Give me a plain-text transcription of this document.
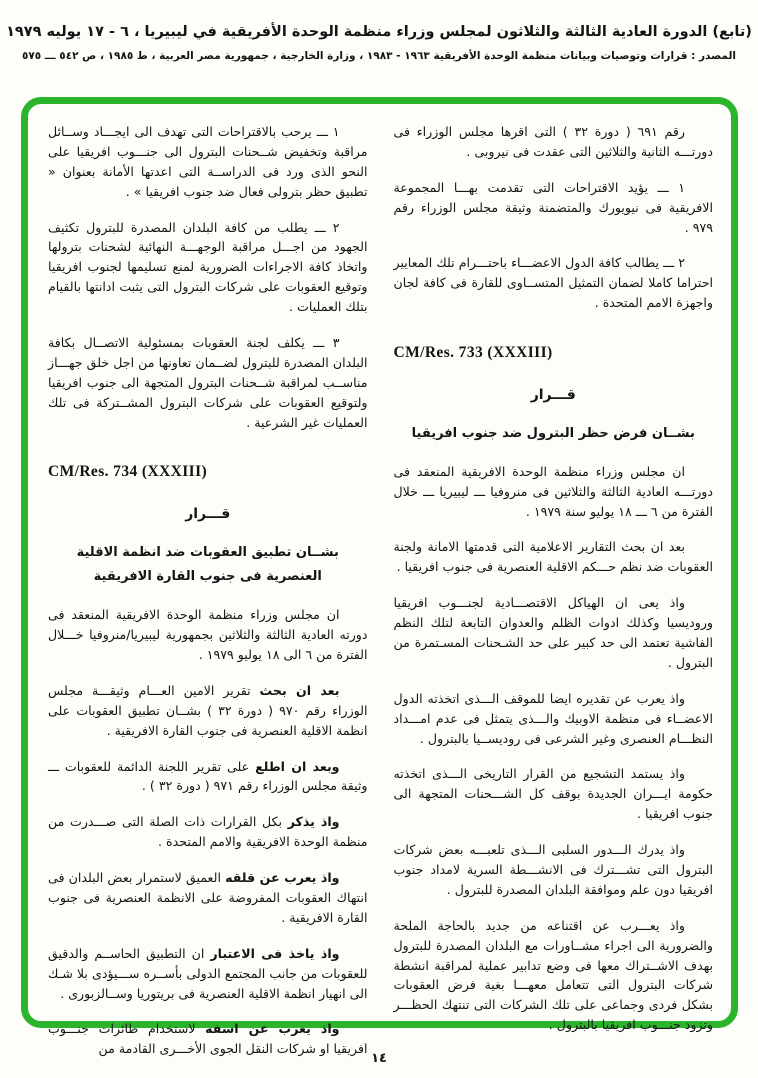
(تابع) الدورة العادية الثالثة والثلاثون لمجلس وزراء منظمة الوحدة الأفريقية في ليبيريا ، ٦ - ١٧ يوليه ١٩٧٩
المصدر : قرارات وتوصيات وبيانات منظمة الوحدة الأفريقية ١٩٦٣ - ١٩٨٣ ، وزارة الخارجية ، جمهورية مصر العربية ، ط ١٩٨٥ ، ص ٥٤٢ ـــ ٥٧٥

رقم ٦٩١ ( دورة ٣٢ ) التى اقرها مجلس الوزراء فى دورتـــه الثانية والثلاثين التى عقدت فى نيروبى .

١ ـــ يؤيد الاقتراحات التى تقدمت بهـــا المجموعة الافريقية فى نيويورك والمتضمنة وثيقة مجلس الوزراء رقم ٩٧٩ .

٢ ـــ يطالب كافة الدول الاعضـــاء باحتـــرام تلك المعايير احتراما كاملا لضمان التمثيل المتســاوى للقارة فى كافة لجان واجهزة الامم المتحدة .

CM/Res. 733 (XXXIII)
قـــرار
بشــان فرض حظر البترول ضد جنوب افريقيا

ان مجلس وزراء منظمة الوحدة الافريقية المنعقد فى دورتـــه العادية الثالثة والثلاثين فى منروفيا ـــ ليبيريا ـــ خلال الفترة من ٦ ـــ ١٨ يوليو سنة ١٩٧٩ .

بعد ان بحث التقارير الاعلامية التى قدمتها الامانة ولجنة العقوبات ضد نظم حـــكم الاقلية العنصرية فى جنوب افريقيا .

واذ يعى ان الهياكل الاقتصـــادية لجنـــوب افريقيا وروديسيا وكذلك ادوات الظلم والعدوان التابعة لتلك النظم الفاشية تعتمد الى حد كبير على حد الشـحنات المسـتمرة من البترول .

واذ يعرب عن تقديره ايضا للموقف الـــذى اتخذته الدول الاعضــاء فى منظمة الاوبيك والـــذى يتمثل فى عدم امـــداد النظـــام العنصرى وغير الشرعى فى روديســيا بالبترول .

واذ يستمد التشجيع من القرار التاريخى الـــذى اتخذته حكومة ايـــران الجديدة بوقف كل الشـــحنات المتجهة الى جنوب افريقيا .

واذ يدرك الـــدور السلبى الـــذى تلعبـــه بعض شركات البترول التى تشـــترك فى الانشـــطة السرية لامداد جنوب افريقيا دون علم وموافقة البلدان المصدرة للبترول .

واذ يعـــرب عن اقتناعه من جديد بالحاجة الملحة والضرورية الى اجراء مشــاورات مع البلدان المصدرة للبترول بهدف الاشــتراك معها فى وضع تدابير عملية لمراقبة انشطة شركات البترول التى تتعامل معهـــا بغية فرض العقوبات بشكل فردى وجماعى على تلك الشركات التى تنتهك الحظـــر وتزود جنـــوب افريقيا بالبترول .

١ ـــ يرحب بالاقتراحات التى تهدف الى ايجـــاد وســائل مراقبة وتخفيض شــحنات البترول الى جنـــوب افريقيا على النحو الذى ورد فى الدراســة التى اعدتها الأمانة بعنوان « تطبيق حظر بترولى فعال ضد جنوب افريقيا » .

٢ ـــ يطلب من كافة البلدان المصدرة للبترول تكثيف الجهود من اجـــل مراقبة الوجهـــة النهائية لشحنات بترولها واتخاذ كافة الاجراءات الضرورية لمنع تسليمها لجنوب افريقيا وتوقيع العقوبات على شركات البترول التى يثبت ادانتها بالقيام بتلك العمليات .

٣ ـــ يكلف لجنة العقوبات بمسئولية الاتصــال بكافة البلدان المصدرة للبترول لضــمان تعاونها من اجل خلق جهـــاز مناســب لمراقبة شــحنات البترول المتجهة الى جنوب افريقيا ولتوقيع العقوبات على شركات البترول المشــتركة فى تلك العمليات غير الشرعية .

CM/Res. 734 (XXXIII)
قـــرار
بشــان تطبيق العقوبات ضد انظمة الاقلية العنصرية فى جنوب القارة الافريقية

ان مجلس وزراء منظمة الوحدة الافريقية المنعقد فى دورته العادية الثالثة والثلاثين بجمهورية ليبيريا/منروفيا خـــلال الفترة من ٦ الى ١٨ يوليو ١٩٧٩ .

بعد ان بحث تقرير الامين العـــام وثيقـــة مجلس الوزراء رقم ٩٧٠ ( دورة ٣٢ ) بشــان تطبيق العقوبات على انظمة الاقلية العنصرية فى جنوب القارة الافريقية .

وبعد ان اطلع على تقرير اللجنة الدائمة للعقوبات ـــ وثيقة مجلس الوزراء رقم ٩٧١ ( دورة ٣٢ ) .

واذ يذكر بكل القرارات ذات الصلة التى صـــدرت من منظمة الوحدة الافريقية والامم المتحدة .

واذ يعرب عن قلقه العميق لاستمرار بعض البلدان فى انتهاك العقوبات المفروضة على الانظمة العنصرية فى جنوب القارة الافريقية .

واذ ياخذ فى الاعتبار ان التطبيق الحاســم والدقيق للعقوبات من جانب المجتمع الدولى بأســره ســـيؤدى بلا شـك الى انهيار انظمة الاقلية العنصرية فى بريتوريا وســالزبورى .

واذ يعرب عن اسفه لاستخدام طائرات جنـــوب افريقيا او شركات النقل الجوى الأخـــرى القادمة من

١٤
